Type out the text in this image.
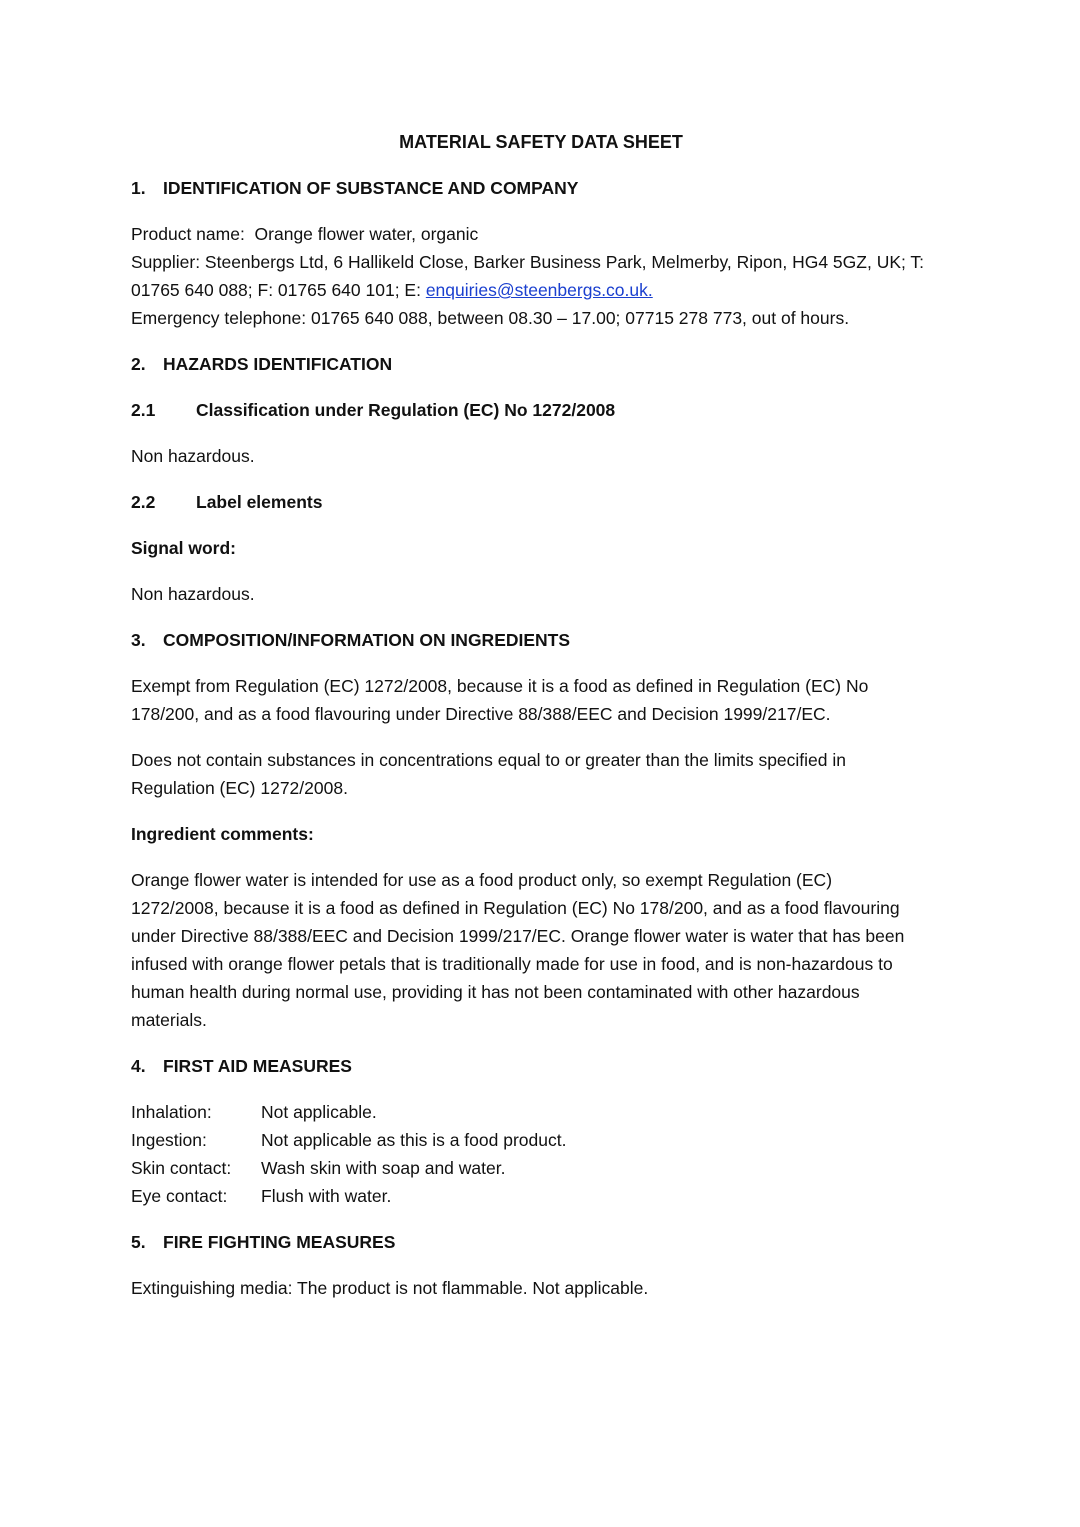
MATERIAL SAFETY DATA SHEET
1. IDENTIFICATION OF SUBSTANCE AND COMPANY
Product name: Orange flower water, organic
Supplier: Steenbergs Ltd, 6 Hallikeld Close, Barker Business Park, Melmerby, Ripon, HG4 5GZ, UK; T:
01765 640 088; F: 01765 640 101; E: enquiries@steenbergs.co.uk.
Emergency telephone: 01765 640 088, between 08.30 – 17.00; 07715 278 773, out of hours.
2. HAZARDS IDENTIFICATION
2.1	Classification under Regulation (EC) No 1272/2008
Non hazardous.
2.2	Label elements
Signal word:
Non hazardous.
3. COMPOSITION/INFORMATION ON INGREDIENTS
Exempt from Regulation (EC) 1272/2008, because it is a food as defined in Regulation (EC) No
178/200, and as a food flavouring under Directive 88/388/EEC and Decision 1999/217/EC.
Does not contain substances in concentrations equal to or greater than the limits specified in
Regulation (EC) 1272/2008.
Ingredient comments:
Orange flower water is intended for use as a food product only, so exempt Regulation (EC)
1272/2008, because it is a food as defined in Regulation (EC) No 178/200, and as a food flavouring
under Directive 88/388/EEC and Decision 1999/217/EC. Orange flower water is water that has been
infused with orange flower petals that is traditionally made for use in food, and is non-hazardous to
human health during normal use, providing it has not been contaminated with other hazardous
materials.
4. FIRST AID MEASURES
Inhalation:	Not applicable.
Ingestion:	Not applicable as this is a food product.
Skin contact:	Wash skin with soap and water.
Eye contact:	Flush with water.
5. FIRE FIGHTING MEASURES
Extinguishing media: The product is not flammable. Not applicable.
